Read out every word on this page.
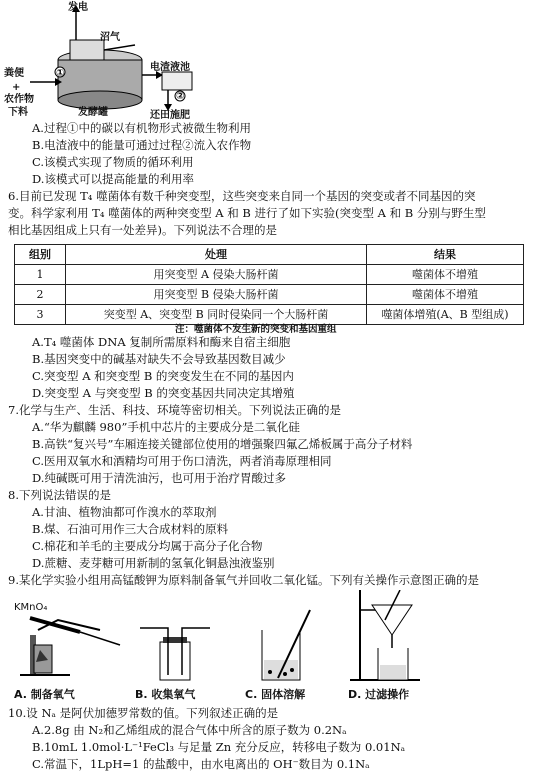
发电
沼气
粪便
+
农作物
下料
①
电渣液池
②
发酵罐	还田施肥
A.过程①中的碳以有机物形式被微生物利用
B.电渣液中的能量可通过过程②流入农作物
C.该模式实现了物质的循环利用
D.该模式可以提高能量的利用率
6.目前已发现 T₄ 噬菌体有数千种突变型，这些突变来自同一个基因的突变或者不同基因的突
变。科学家利用 T₄ 噬菌体的两种突变型 A 和 B 进行了如下实验(突变型 A 和 B 分别与野生型
相比基因组成上只有一处差异)。下列说法不合理的是
组别	处理	结果
1	用突变型 A 侵染大肠杆菌	噬菌体不增殖
2	用突变型 B 侵染大肠杆菌	噬菌体不增殖
3	突变型 A、突变型 B 同时侵染同一个大肠杆菌	噬菌体增殖(A、B 型组成)
注：噬菌体不发生新的突变和基因重组
A.T₄ 噬菌体 DNA 复制所需原料和酶来自宿主细胞
B.基因突变中的碱基对缺失不会导致基因数目减少
C.突变型 A 和突变型 B 的突变发生在不同的基因内
D.突变型 A 与突变型 B 的突变基因共同决定其增殖
7.化学与生产、生活、科技、环境等密切相关。下列说法正确的是
A.“华为麒麟 980”手机中芯片的主要成分是二氧化硅
B.高铁“复兴号”车厢连接关键部位使用的增强聚四氟乙烯板属于高分子材料
C.医用双氧水和酒精均可用于伤口清洗，两者消毒原理相同
D.纯碱既可用于清洗油污，也可用于治疗胃酸过多
8.下列说法错误的是
A.甘油、植物油都可作溴水的萃取剂
B.煤、石油可用作三大合成材料的原料
C.棉花和羊毛的主要成分均属于高分子化合物
D.蔗糖、麦芽糖可用新制的氢氧化铜悬浊液鉴别
9.某化学实验小组用高锰酸钾为原料制备氧气并回收二氧化锰。下列有关操作示意图正确的是
KMnO₄
A. 制备氧气	B. 收集氧气	C. 固体溶解	D. 过滤操作
10.设 Nₐ 是阿伏加德罗常数的值。下列叙述正确的是
A.2.8g 由 N₂和乙烯组成的混合气体中所含的原子数为 0.2Nₐ
B.10mL 1.0mol·L⁻¹FeCl₃ 与足量 Zn 充分反应，转移电子数为 0.01Nₐ
C.常温下，1LpH=1 的盐酸中，由水电离出的 OH⁻数目为 0.1Nₐ
